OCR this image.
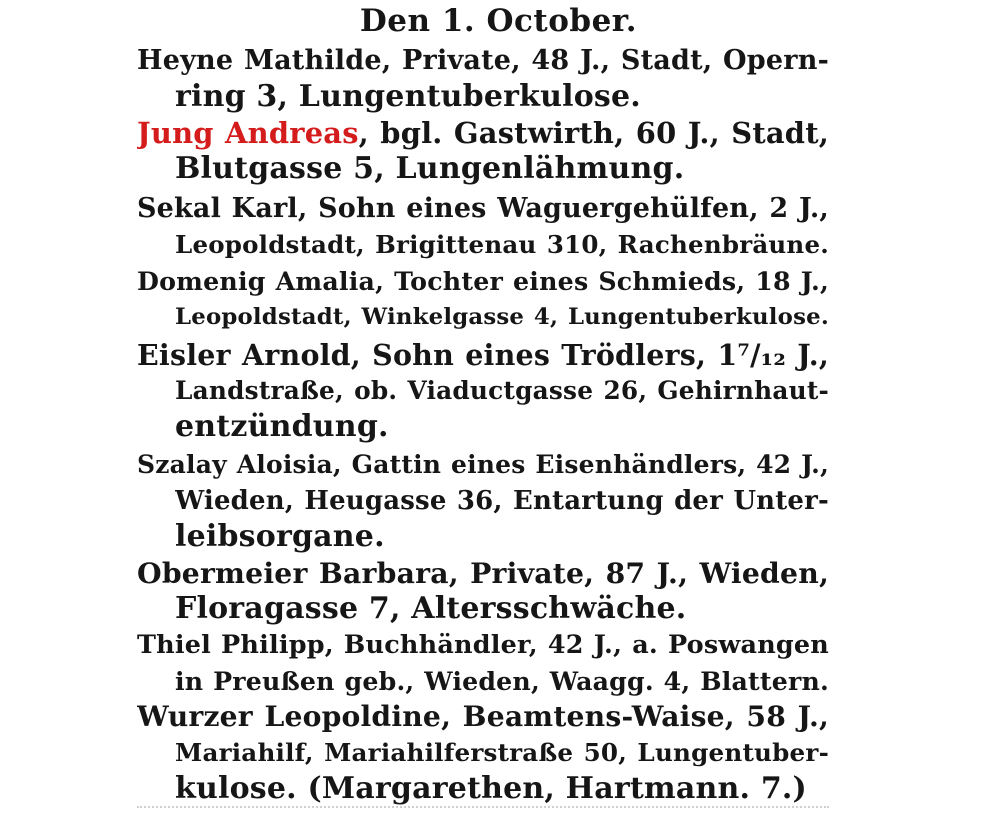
Den 1. October.
Heyne Mathilde, Private, 48 J., Stadt, Opern-
ring 3, Lungentuberkulose.
Jung Andreas, bgl. Gastwirth, 60 J., Stadt,
Blutgasse 5, Lungenlähmung.
Sekal Karl, Sohn eines Waguergehülfen, 2 J.,
Leopoldstadt, Brigittenau 310, Rachenbräune.
Domenig Amalia, Tochter eines Schmieds, 18 J.,
Leopoldstadt, Winkelgasse 4, Lungentuberkulose.
Eisler Arnold, Sohn eines Trödlers, 1⁷/₁₂ J.,
Landstraße, ob. Viaductgasse 26, Gehirnhaut-
entzündung.
Szalay Aloisia, Gattin eines Eisenhändlers, 42 J.,
Wieden, Heugasse 36, Entartung der Unter-
leibsorgane.
Obermeier Barbara, Private, 87 J., Wieden,
Floragasse 7, Altersschwäche.
Thiel Philipp, Buchhändler, 42 J., a. Poswangen
in Preußen geb., Wieden, Waagg. 4, Blattern.
Wurzer Leopoldine, Beamtens-Waise, 58 J.,
Mariahilf, Mariahilferstraße 50, Lungentuber-
kulose. (Margarethen, Hartmann. 7.)
